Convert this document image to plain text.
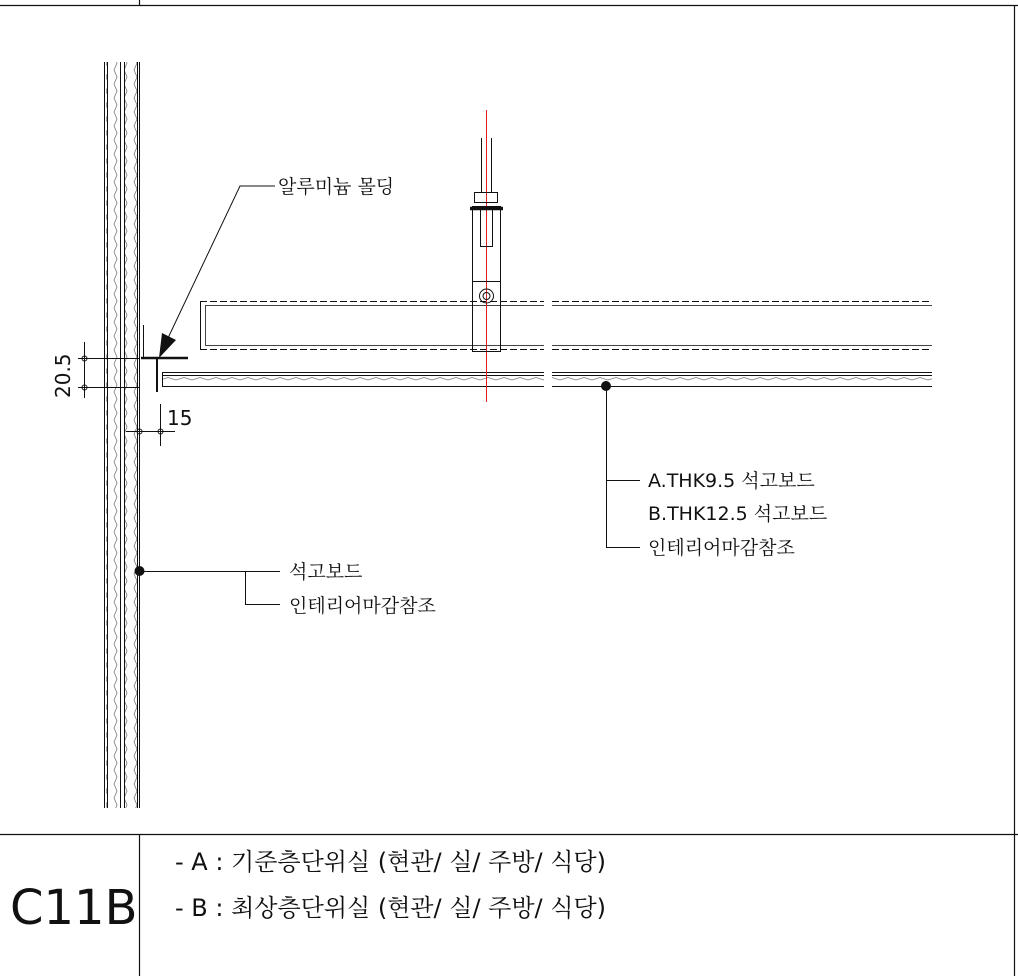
20.5
15
알루미늄 몰딩
석고보드
인테리어마감참조
A.THK9.5 석고보드
B.THK12.5 석고보드
인테리어마감참조
C11B
- A : 기준층단위실 (현관/ 실/ 주방/ 식당)
- B : 최상층단위실 (현관/ 실/ 주방/ 식당)
